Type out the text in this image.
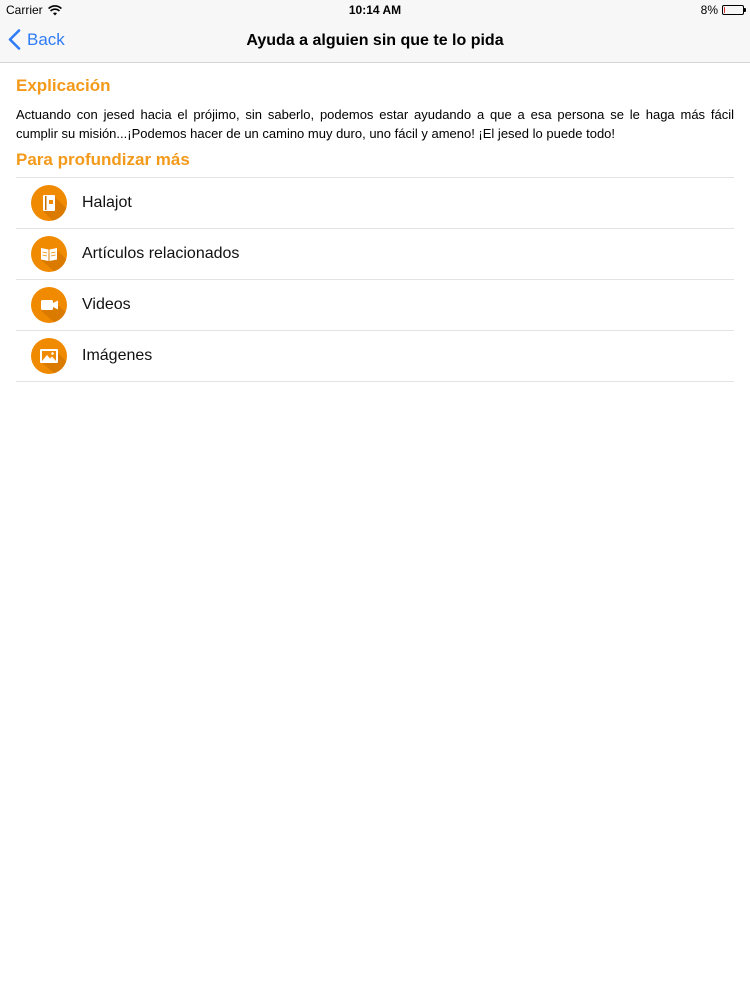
Carrier	10:14 AM	8%
Back	Ayuda a alguien sin que te lo pida
Explicación

Actuando con jesed hacia el prójimo, sin saberlo, podemos estar ayudando a que a esa persona se le haga más fácil cumplir su misión...¡Podemos hacer de un camino muy duro, uno fácil y ameno! ¡El jesed lo puede todo!

Para profundizar más
Halajot
Artículos relacionados
Videos
Imágenes
